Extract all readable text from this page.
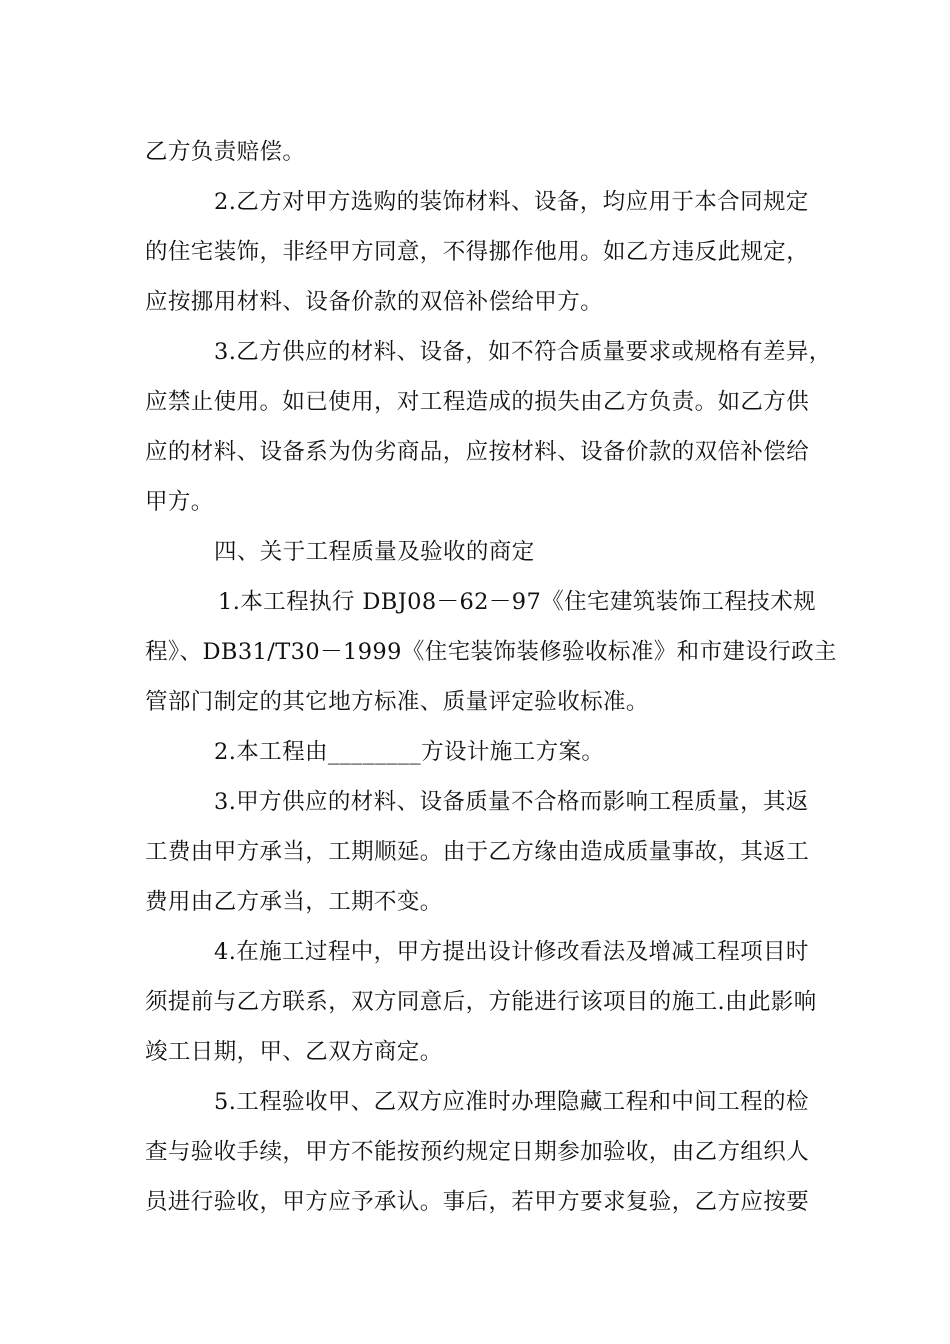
乙方负责赔偿。
2.乙方对甲方选购的装饰材料、设备，均应用于本合同规定
的住宅装饰，非经甲方同意，不得挪作他用。如乙方违反此规定，
应按挪用材料、设备价款的双倍补偿给甲方。
3.乙方供应的材料、设备，如不符合质量要求或规格有差异，
应禁止使用。如已使用，对工程造成的损失由乙方负责。如乙方供
应的材料、设备系为伪劣商品，应按材料、设备价款的双倍补偿给
甲方。
四、关于工程质量及验收的商定
1.本工程执行 DBJ08－62－97《住宅建筑装饰工程技术规
程》、DB31/T30－1999《住宅装饰装修验收标准》和市建设行政主
管部门制定的其它地方标准、质量评定验收标准。
2.本工程由________方设计施工方案。
3.甲方供应的材料、设备质量不合格而影响工程质量，其返
工费由甲方承当，工期顺延。由于乙方缘由造成质量事故，其返工
费用由乙方承当，工期不变。
4.在施工过程中，甲方提出设计修改看法及增减工程项目时
须提前与乙方联系，双方同意后，方能进行该项目的施工.由此影响
竣工日期，甲、乙双方商定。
5.工程验收甲、乙双方应准时办理隐藏工程和中间工程的检
查与验收手续，甲方不能按预约规定日期参加验收，由乙方组织人
员进行验收，甲方应予承认。事后，若甲方要求复验，乙方应按要
